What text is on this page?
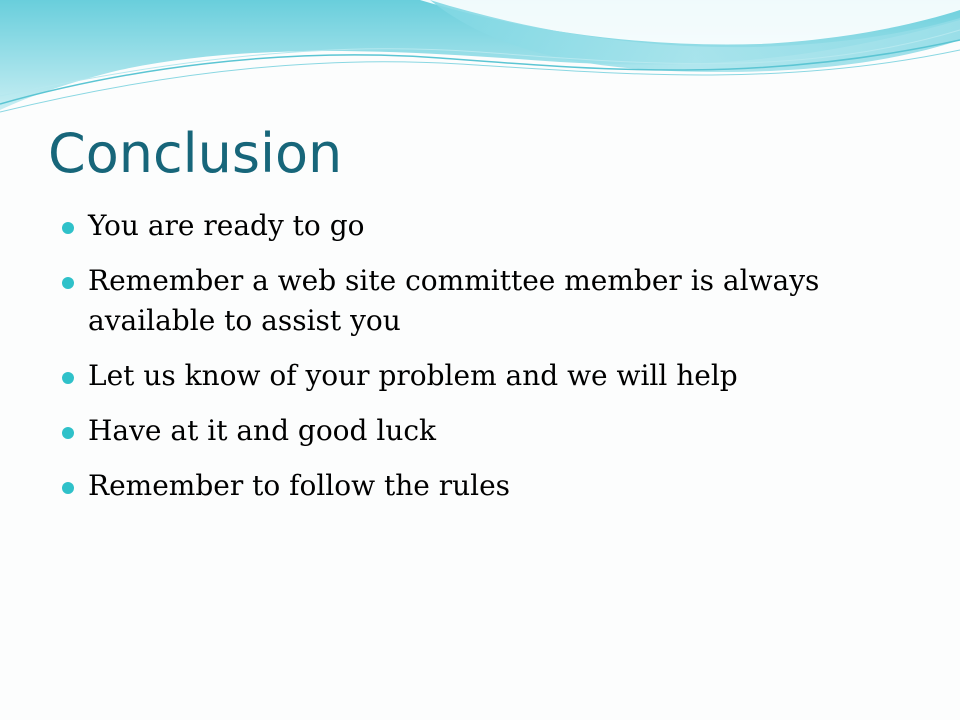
Conclusion
You are ready to go
Remember a web site committee member is always available to assist you
Let us know of your problem and we will help
Have at it and good luck
Remember to follow the rules
